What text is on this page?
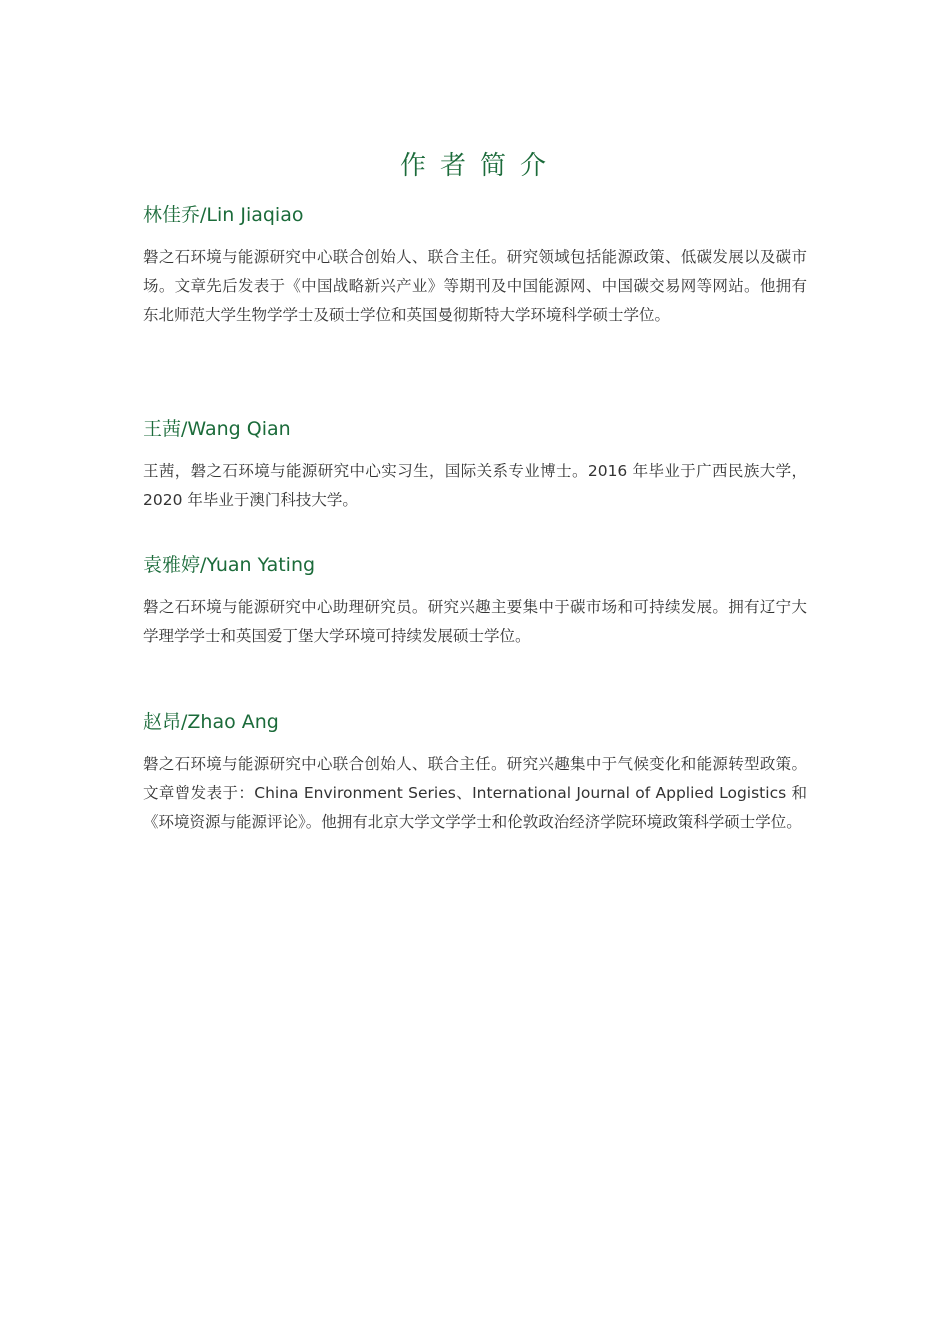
作者简介
林佳乔/Lin Jiaqiao

磐之石环境与能源研究中心联合创始人、联合主任。研究领域包括能源政策、低碳发展以及碳市场。文章先后发表于《中国战略新兴产业》等期刊及中国能源网、中国碳交易网等网站。他拥有东北师范大学生物学学士及硕士学位和英国曼彻斯特大学环境科学硕士学位。

王茜/Wang Qian

王茜，磐之石环境与能源研究中心实习生，国际关系专业博士。2016 年毕业于广西民族大学，2020 年毕业于澳门科技大学。

袁雅婷/Yuan Yating

磐之石环境与能源研究中心助理研究员。研究兴趣主要集中于碳市场和可持续发展。拥有辽宁大学理学学士和英国爱丁堡大学环境可持续发展硕士学位。

赵昂/Zhao Ang

磐之石环境与能源研究中心联合创始人、联合主任。研究兴趣集中于气候变化和能源转型政策。文章曾发表于：China Environment Series、International Journal of Applied Logistics 和《环境资源与能源评论》。他拥有北京大学文学学士和伦敦政治经济学院环境政策科学硕士学位。
